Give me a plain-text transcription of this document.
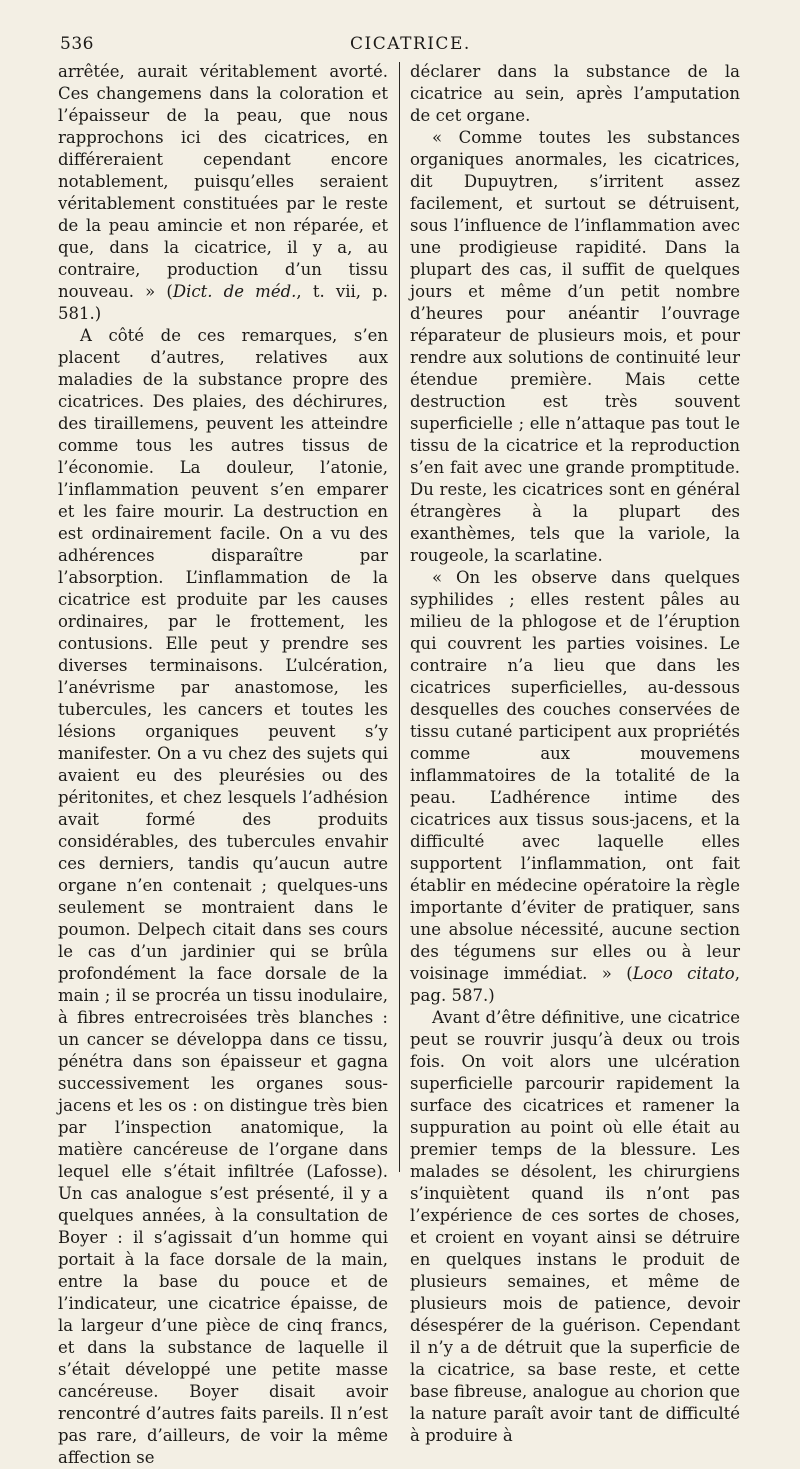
536	CICATRICE.

arrêtée, aurait véritablement avorté. Ces changemens dans la coloration et l’épaisseur de la peau, que nous rapprochons ici des cicatrices, en différeraient cependant encore notablement, puisqu’elles seraient véritablement constituées par le reste de la peau amincie et non réparée, et que, dans la cicatrice, il y a, au contraire, production d’un tissu nouveau. » (Dict. de méd., t. vii, p. 581.)

A côté de ces remarques, s’en placent d’autres, relatives aux maladies de la substance propre des cicatrices. Des plaies, des déchirures, des tiraillemens, peuvent les atteindre comme tous les autres tissus de l’économie. La douleur, l’atonie, l’inflammation peuvent s’en emparer et les faire mourir. La destruction en est ordinairement facile. On a vu des adhérences disparaître par l’absorption. L’inflammation de la cicatrice est produite par les causes ordinaires, par le frottement, les contusions. Elle peut y prendre ses diverses terminaisons. L’ulcération, l’anévrisme par anastomose, les tubercules, les cancers et toutes les lésions organiques peuvent s’y manifester. On a vu chez des sujets qui avaient eu des pleurésies ou des péritonites, et chez lesquels l’adhésion avait formé des produits considérables, des tubercules envahir ces derniers, tandis qu’aucun autre organe n’en contenait ; quelques-uns seulement se montraient dans le poumon. Delpech citait dans ses cours le cas d’un jardinier qui se brûla profondément la face dorsale de la main ; il se procréa un tissu inodulaire, à fibres entrecroisées très blanches : un cancer se développa dans ce tissu, pénétra dans son épaisseur et gagna successivement les organes sous-jacens et les os : on distingue très bien par l’inspection anatomique, la matière cancéreuse de l’organe dans lequel elle s’était infiltrée (Lafosse). Un cas analogue s’est présenté, il y a quelques années, à la consultation de Boyer : il s’agissait d’un homme qui portait à la face dorsale de la main, entre la base du pouce et de l’indicateur, une cicatrice épaisse, de la largeur d’une pièce de cinq francs, et dans la substance de laquelle il s’était développé une petite masse cancéreuse. Boyer disait avoir rencontré d’autres faits pareils. Il n’est pas rare, d’ailleurs, de voir la même affection se

déclarer dans la substance de la cicatrice au sein, après l’amputation de cet organe.

« Comme toutes les substances organiques anormales, les cicatrices, dit Dupuytren, s’irritent assez facilement, et surtout se détruisent, sous l’influence de l’inflammation avec une prodigieuse rapidité. Dans la plupart des cas, il suffit de quelques jours et même d’un petit nombre d’heures pour anéantir l’ouvrage réparateur de plusieurs mois, et pour rendre aux solutions de continuité leur étendue première. Mais cette destruction est très souvent superficielle ; elle n’attaque pas tout le tissu de la cicatrice et la reproduction s’en fait avec une grande promptitude. Du reste, les cicatrices sont en général étrangères à la plupart des exanthèmes, tels que la variole, la rougeole, la scarlatine.

« On les observe dans quelques syphilides ; elles restent pâles au milieu de la phlogose et de l’éruption qui couvrent les parties voisines. Le contraire n’a lieu que dans les cicatrices superficielles, au-dessous desquelles des couches conservées de tissu cutané participent aux propriétés comme aux mouvemens inflammatoires de la totalité de la peau. L’adhérence intime des cicatrices aux tissus sous-jacens, et la difficulté avec laquelle elles supportent l’inflammation, ont fait établir en médecine opératoire la règle importante d’éviter de pratiquer, sans une absolue nécessité, aucune section des tégumens sur elles ou à leur voisinage immédiat. » (Loco citato, pag. 587.)

Avant d’être définitive, une cicatrice peut se rouvrir jusqu’à deux ou trois fois. On voit alors une ulcération superficielle parcourir rapidement la surface des cicatrices et ramener la suppuration au point où elle était au premier temps de la blessure. Les malades se désolent, les chirurgiens s’inquiètent quand ils n’ont pas l’expérience de ces sortes de choses, et croient en voyant ainsi se détruire en quelques instans le produit de plusieurs semaines, et même de plusieurs mois de patience, devoir désespérer de la guérison. Cependant il n’y a de détruit que la superficie de la cicatrice, sa base reste, et cette base fibreuse, analogue au chorion que la nature paraît avoir tant de difficulté à produire à
